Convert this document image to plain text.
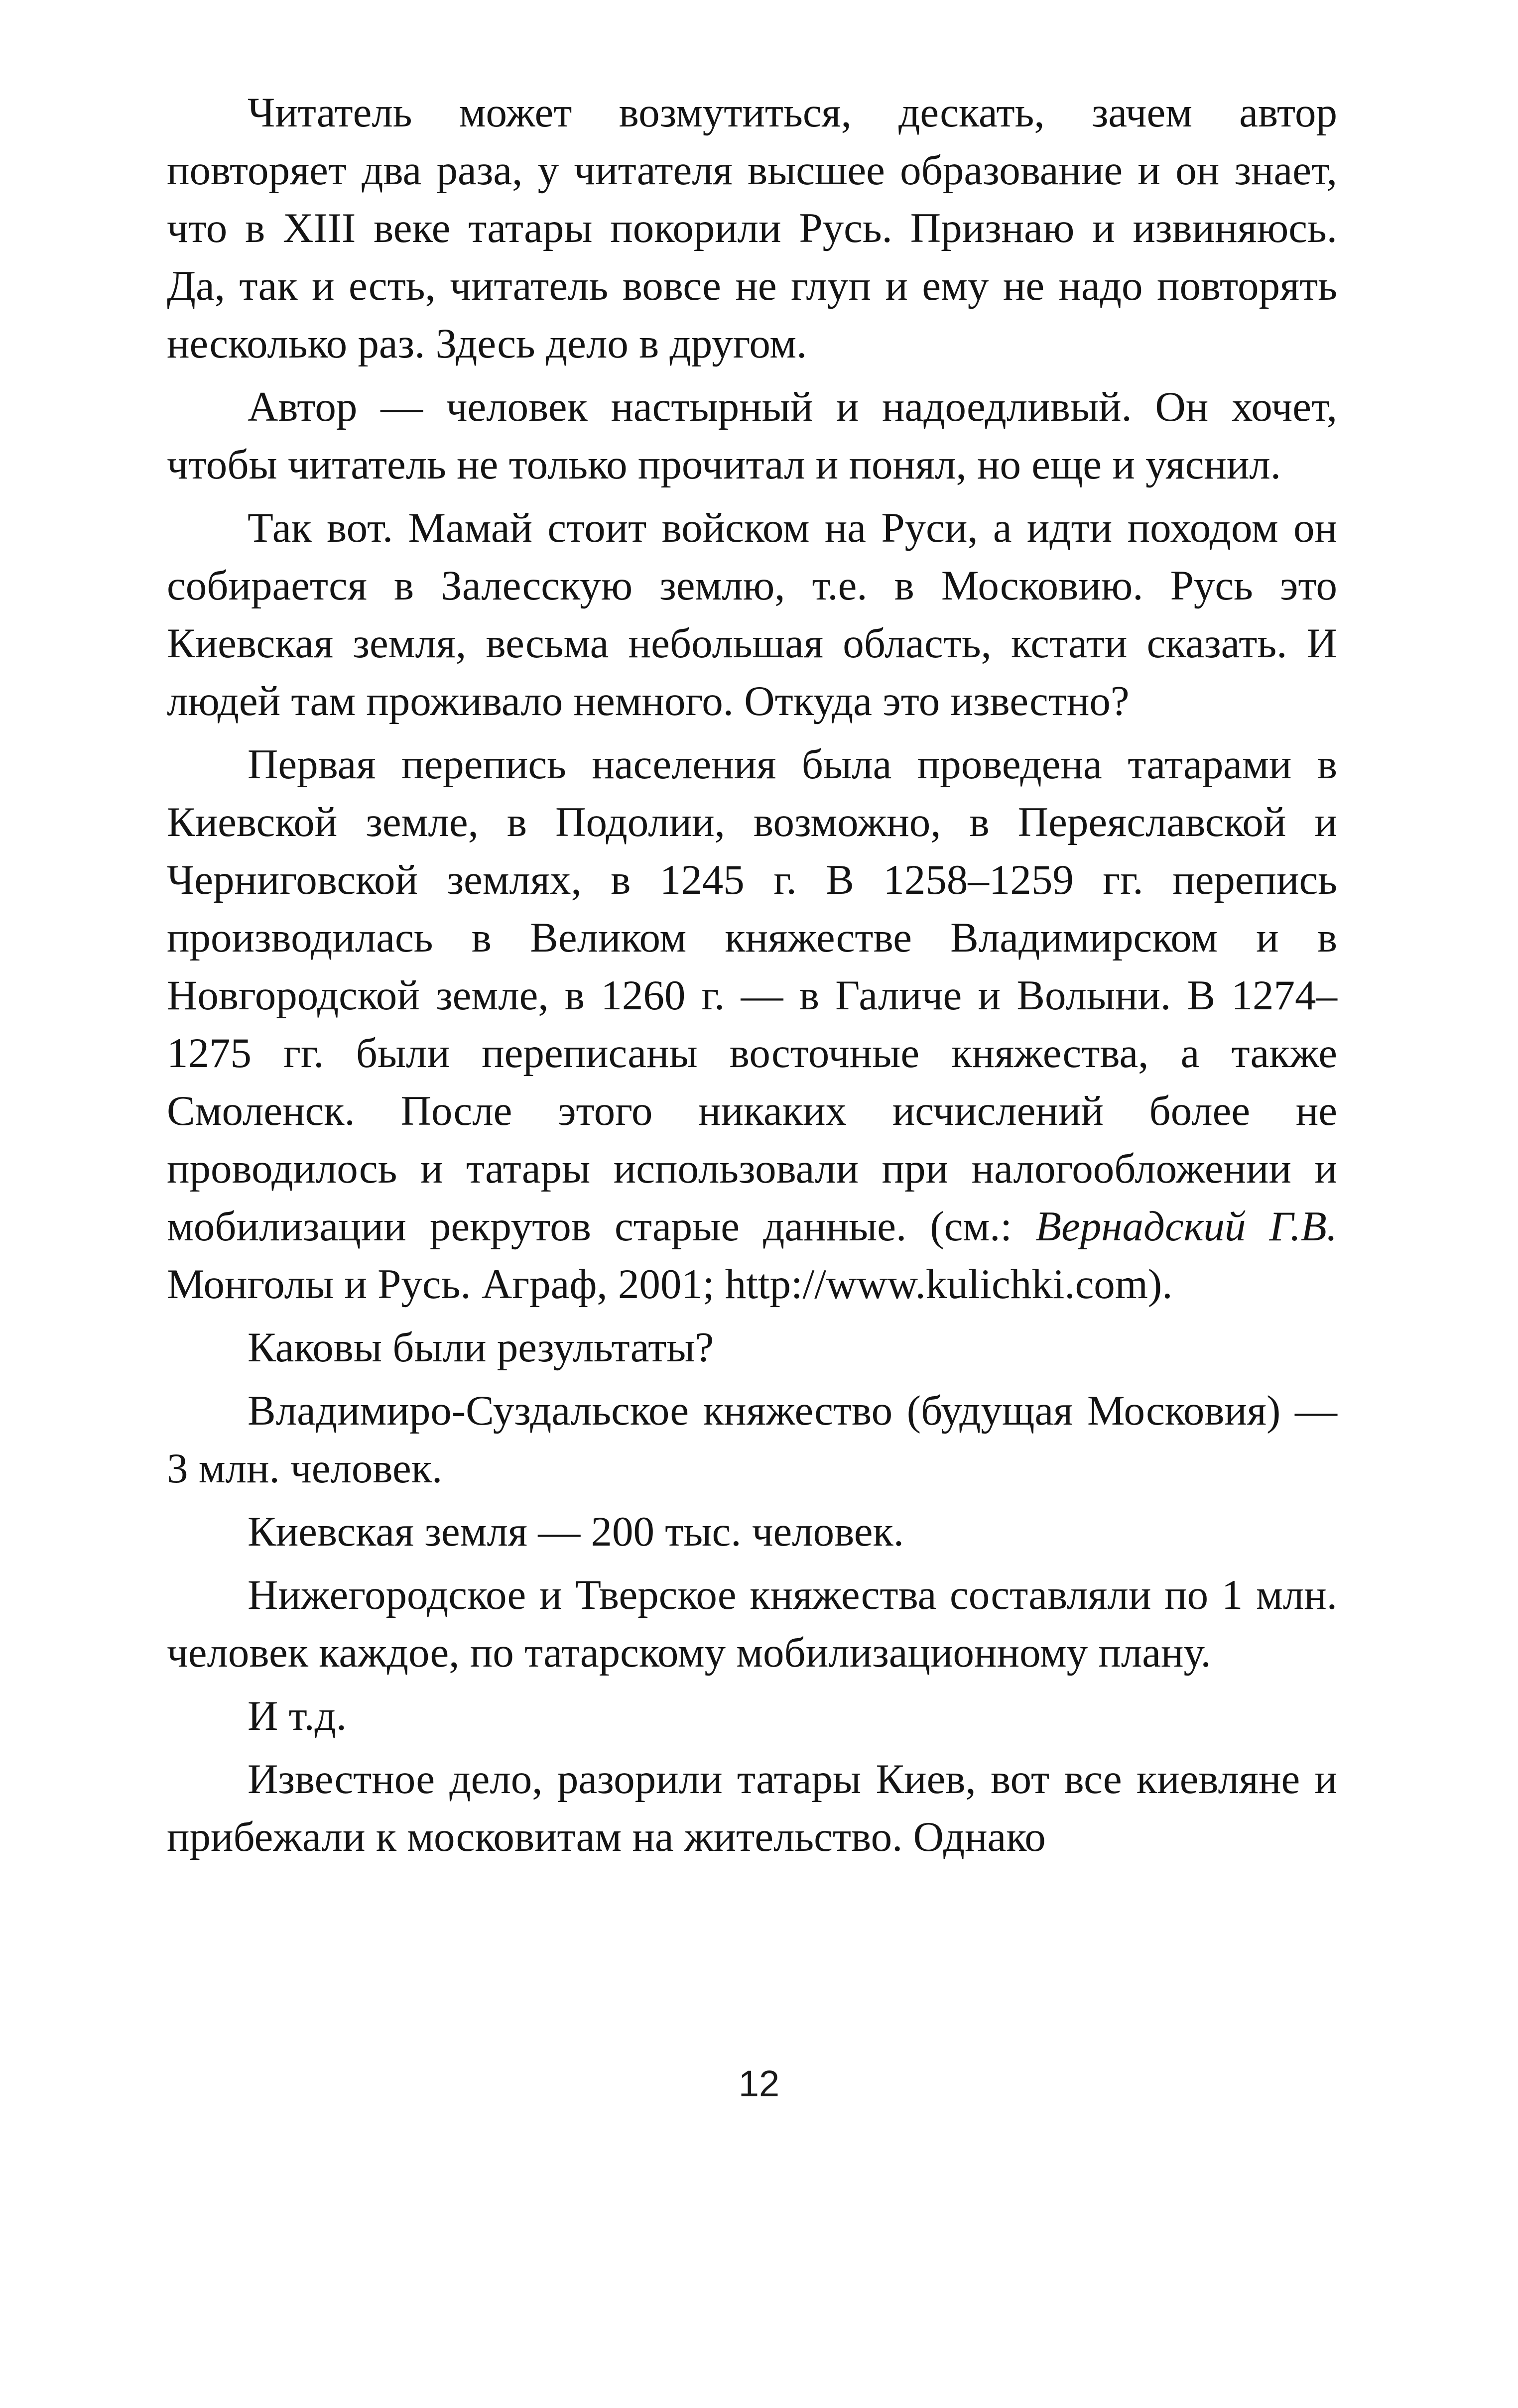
Читатель может возмутиться, дескать, зачем автор повторяет два раза, у читателя высшее образование и он знает, что в XIII веке татары покорили Русь. Признаю и извиняюсь. Да, так и есть, читатель вовсе не глуп и ему не надо повторять несколько раз. Здесь дело в другом.

Автор — человек настырный и надоедливый. Он хочет, чтобы читатель не только прочитал и понял, но еще и уяснил.

Так вот. Мамай стоит войском на Руси, а идти походом он собирается в Залесскую землю, т.е. в Московию. Русь это Киевская земля, весьма небольшая область, кстати сказать. И людей там проживало немного. Откуда это известно?

Первая перепись населения была проведена татарами в Киевской земле, в Подолии, возможно, в Переяславской и Черниговской землях, в 1245 г. В 1258–1259 гг. перепись производилась в Великом княжестве Владимирском и в Новгородской земле, в 1260 г. — в Галиче и Волыни. В 1274–1275 гг. были переписаны восточные княжества, а также Смоленск. После этого никаких исчислений более не проводилось и татары использовали при налогообложении и мобилизации рекрутов старые данные. (см.: Вернадский Г.В. Монголы и Русь. Аграф, 2001; http://www.kulichki.com).

Каковы были результаты?

Владимиро-Суздальское княжество (будущая Московия) — 3 млн. человек.

Киевская земля — 200 тыс. человек.

Нижегородское и Тверское княжества составляли по 1 млн. человек каждое, по татарскому мобилизационному плану.

И т.д.

Известное дело, разорили татары Киев, вот все киевляне и прибежали к московитам на жительство. Однако

12
